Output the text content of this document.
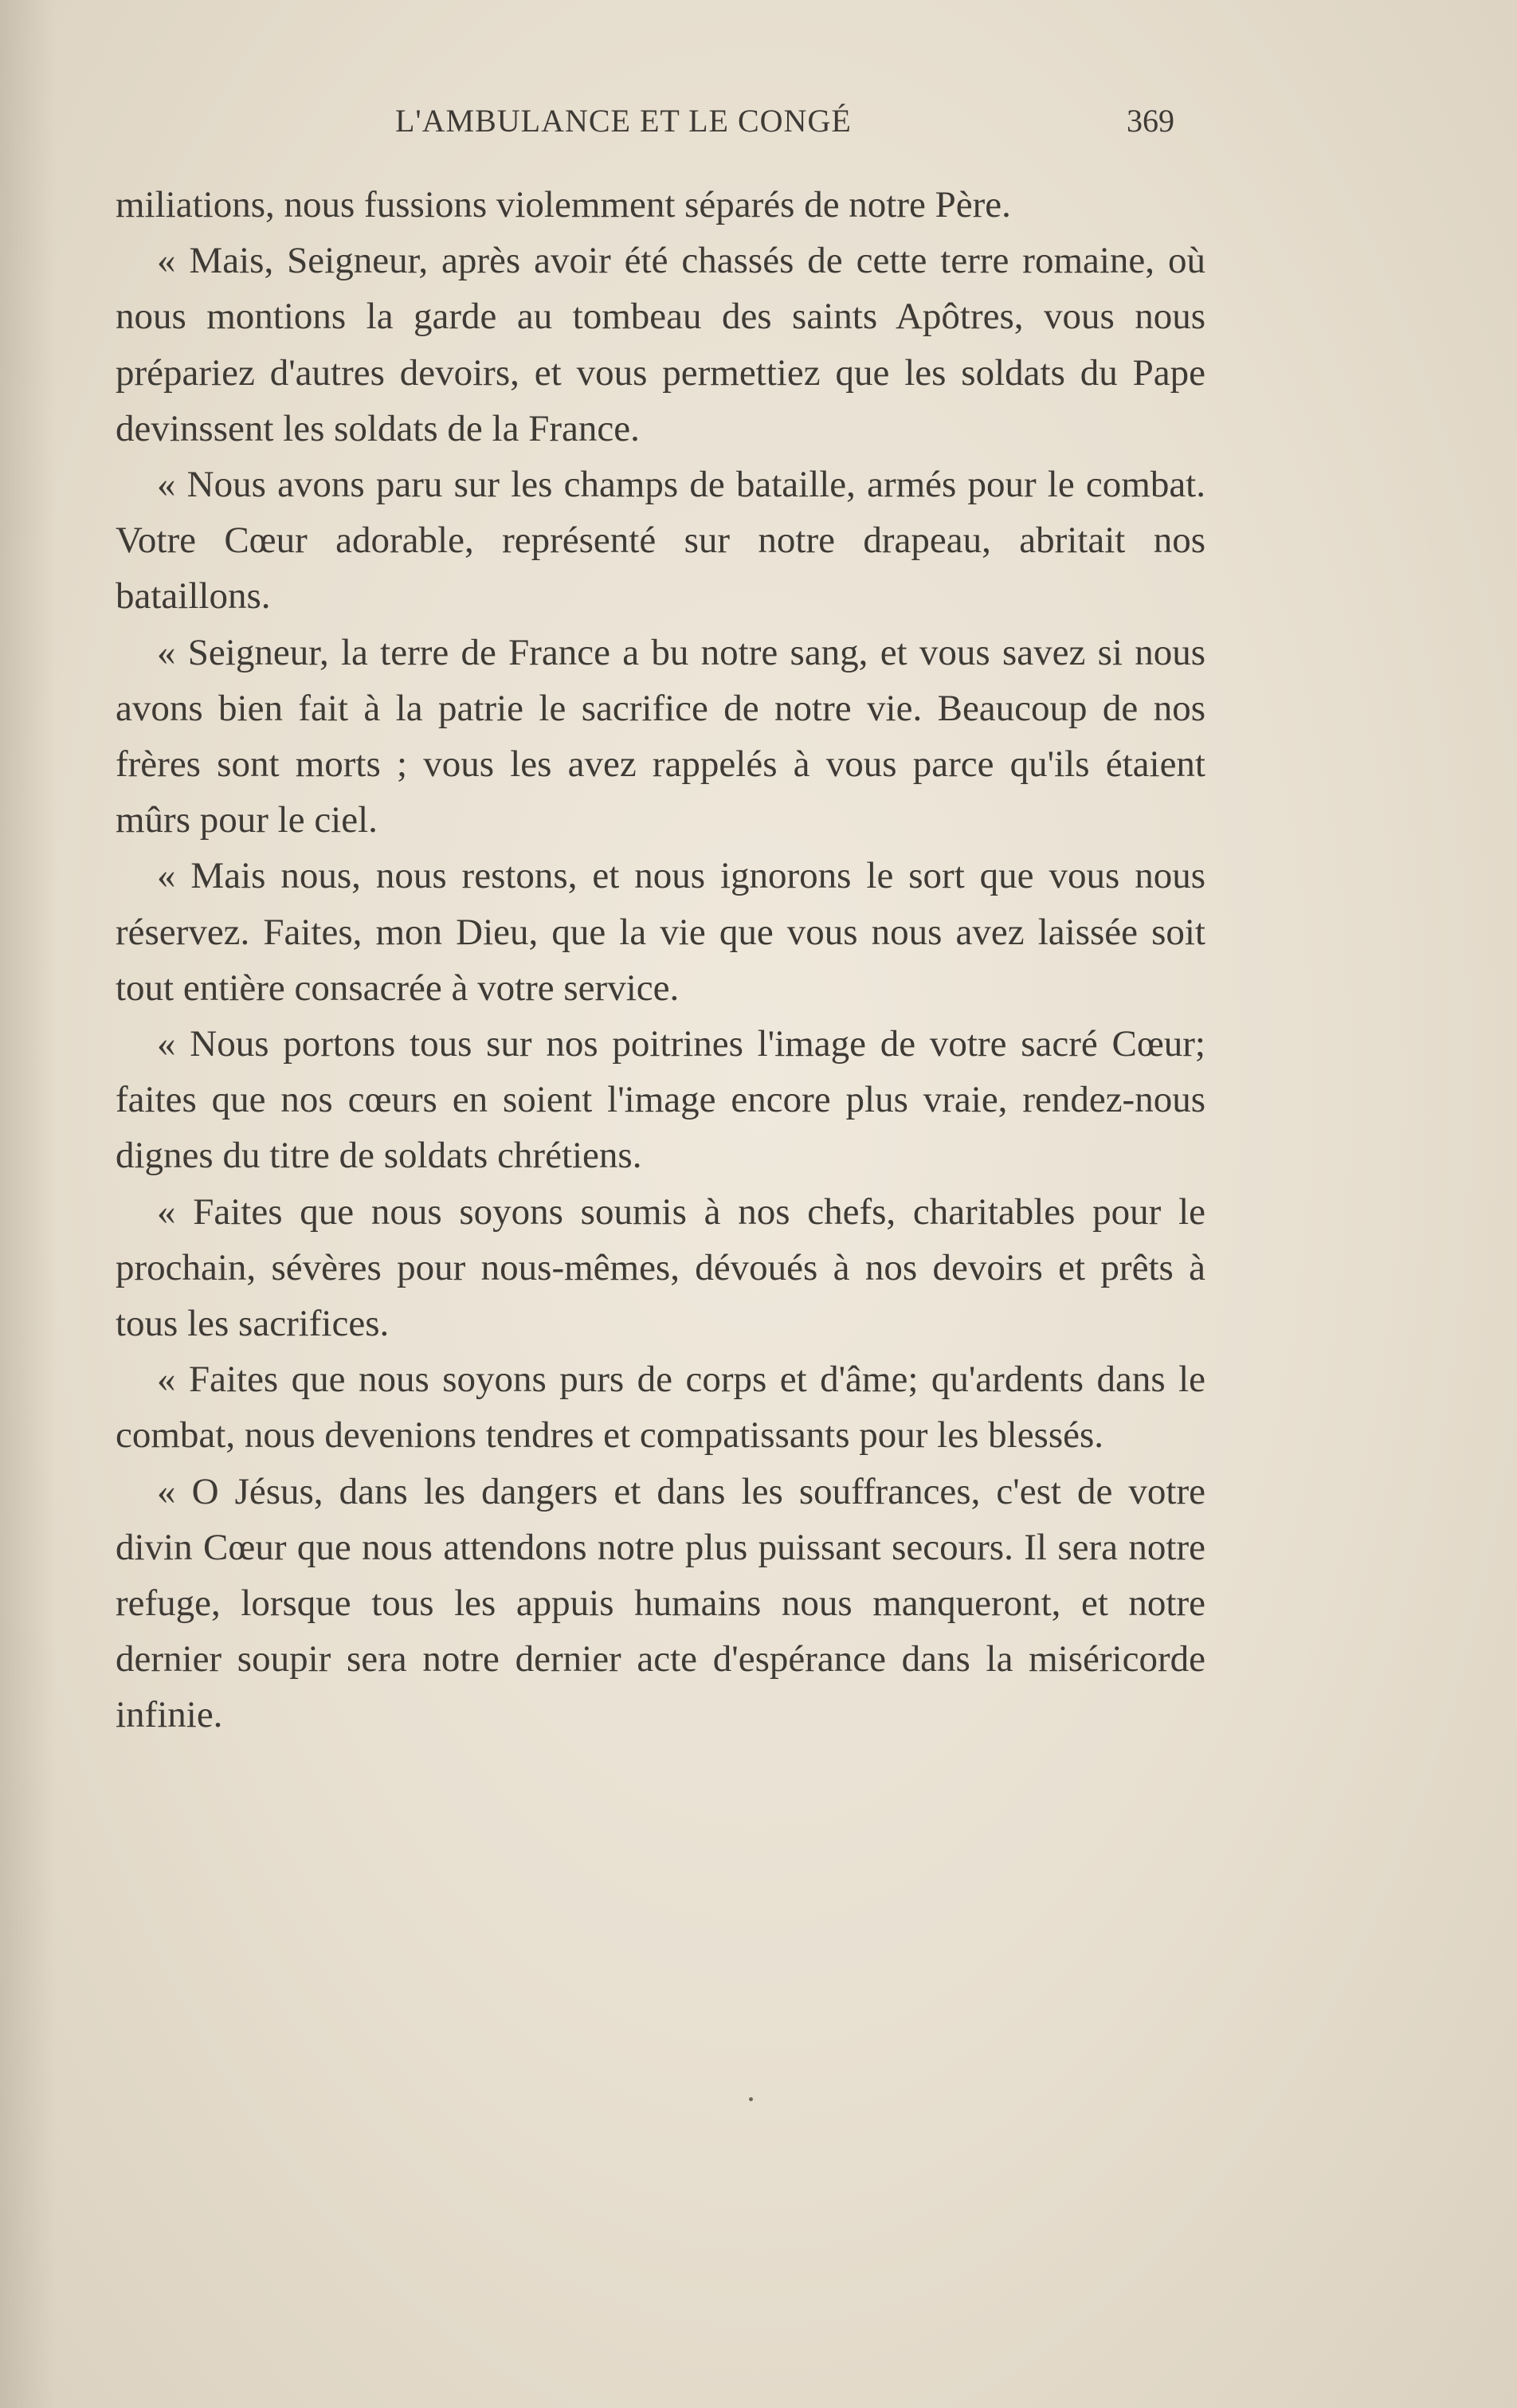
L'AMBULANCE ET LE CONGÉ	369

miliations, nous fussions violemment séparés de notre Père.

« Mais, Seigneur, après avoir été chassés de cette terre romaine, où nous montions la garde au tombeau des saints Apôtres, vous nous prépariez d'autres devoirs, et vous permettiez que les soldats du Pape devinssent les soldats de la France.

« Nous avons paru sur les champs de bataille, armés pour le combat. Votre Cœur adorable, représenté sur notre drapeau, abritait nos bataillons.

« Seigneur, la terre de France a bu notre sang, et vous savez si nous avons bien fait à la patrie le sacrifice de notre vie. Beaucoup de nos frères sont morts ; vous les avez rappelés à vous parce qu'ils étaient mûrs pour le ciel.

« Mais nous, nous restons, et nous ignorons le sort que vous nous réservez. Faites, mon Dieu, que la vie que vous nous avez laissée soit tout entière consacrée à votre service.

« Nous portons tous sur nos poitrines l'image de votre sacré Cœur; faites que nos cœurs en soient l'image encore plus vraie, rendez-nous dignes du titre de soldats chrétiens.

« Faites que nous soyons soumis à nos chefs, charitables pour le prochain, sévères pour nous-mêmes, dévoués à nos devoirs et prêts à tous les sacrifices.

« Faites que nous soyons purs de corps et d'âme; qu'ardents dans le combat, nous devenions tendres et compatissants pour les blessés.

« O Jésus, dans les dangers et dans les souffrances, c'est de votre divin Cœur que nous attendons notre plus puissant secours. Il sera notre refuge, lorsque tous les appuis humains nous manqueront, et notre dernier soupir sera notre dernier acte d'espérance dans la miséricorde infinie.
